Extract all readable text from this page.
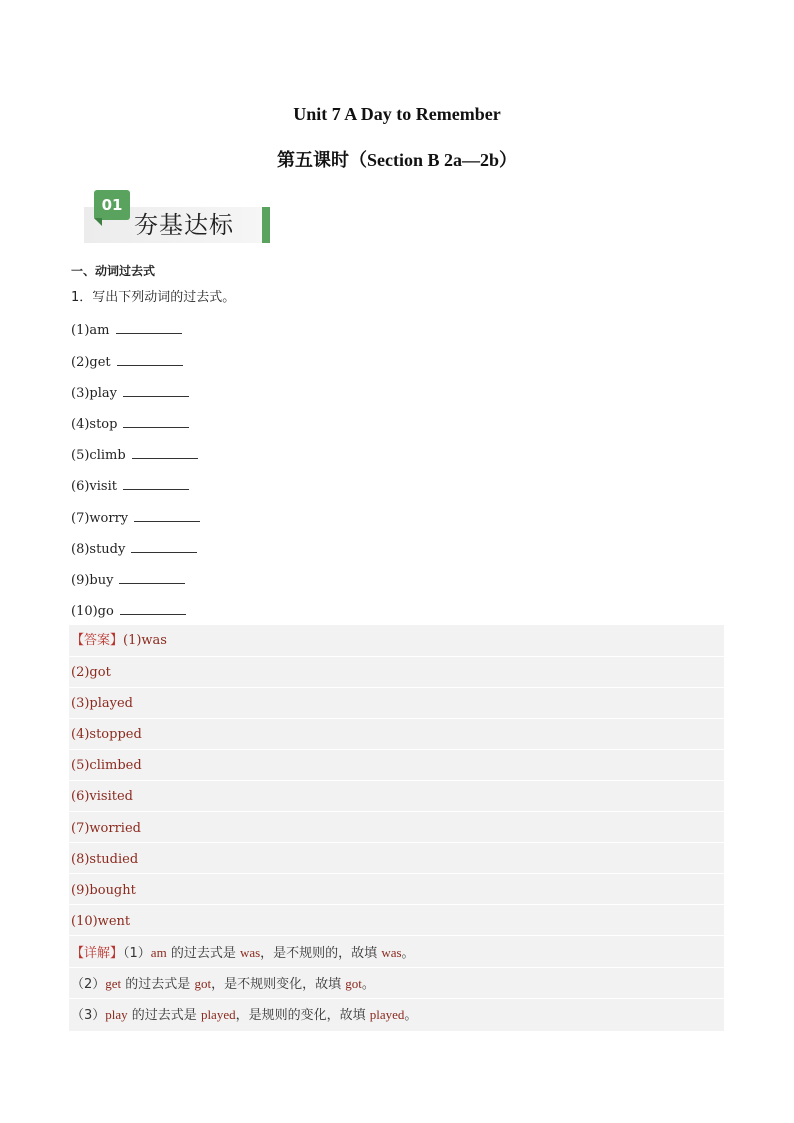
Unit 7 A Day to Remember
第五课时（Section B 2a—2b）
01
夯基达标
一、动词过去式
1．写出下列动词的过去式。
(1)am
(2)get
(3)play
(4)stop
(5)climb
(6)visit
(7)worry
(8)study
(9)buy
(10)go
【答案】(1)was
(2)got
(3)played
(4)stopped
(5)climbed
(6)visited
(7)worried
(8)studied
(9)bought
(10)went
【详解】（1）am 的过去式是 was，是不规则的，故填 was。
（2）get 的过去式是 got，是不规则变化，故填 got。
（3）play 的过去式是 played，是规则的变化，故填 played。
